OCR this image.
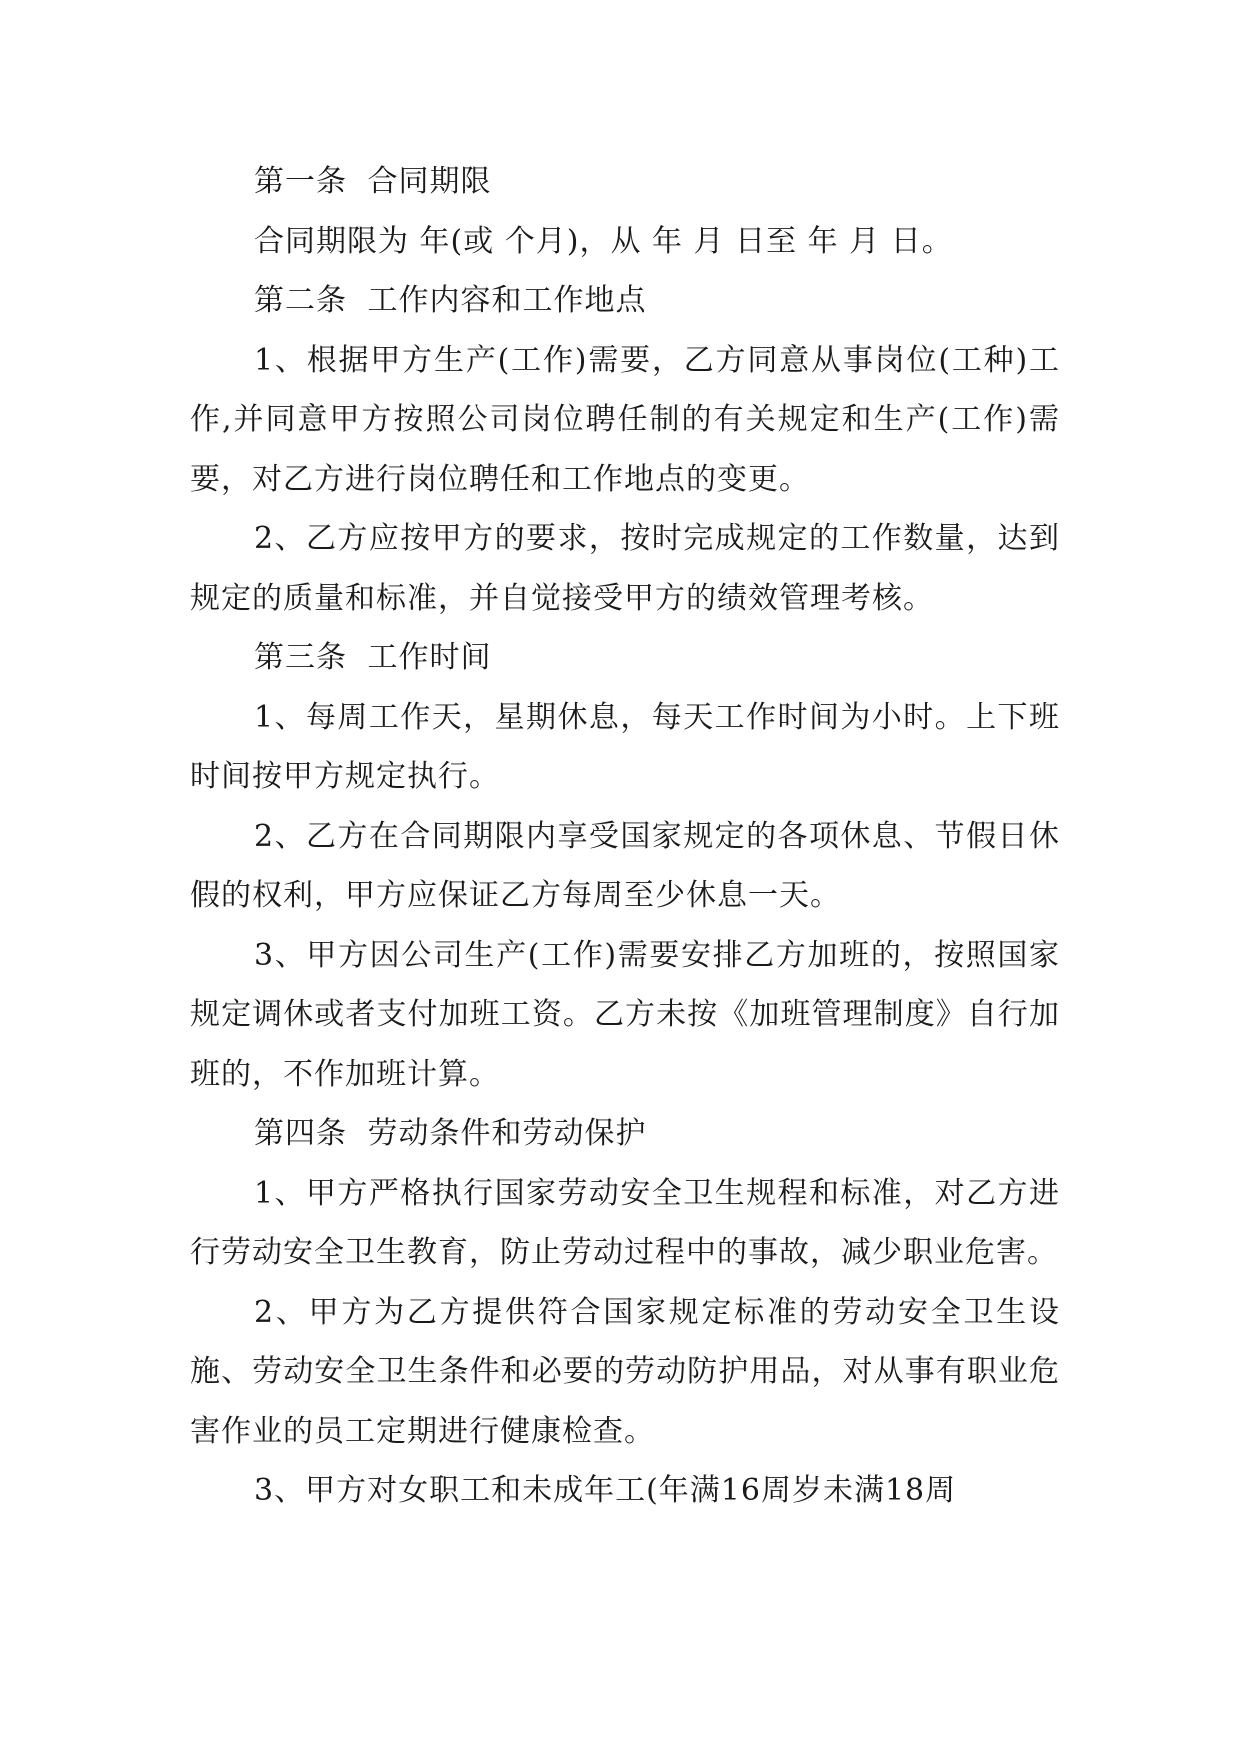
第一条 合同期限

合同期限为 年(或 个月)，从 年 月 日至 年 月 日。

第二条 工作内容和工作地点

1、根据甲方生产(工作)需要，乙方同意从事岗位(工种)工作,并同意甲方按照公司岗位聘任制的有关规定和生产(工作)需要，对乙方进行岗位聘任和工作地点的变更。

2、乙方应按甲方的要求，按时完成规定的工作数量，达到规定的质量和标准，并自觉接受甲方的绩效管理考核。

第三条 工作时间

1、每周工作天，星期休息，每天工作时间为小时。上下班时间按甲方规定执行。

2、乙方在合同期限内享受国家规定的各项休息、节假日休假的权利，甲方应保证乙方每周至少休息一天。

3、甲方因公司生产(工作)需要安排乙方加班的，按照国家规定调休或者支付加班工资。乙方未按《加班管理制度》自行加班的，不作加班计算。

第四条 劳动条件和劳动保护

1、甲方严格执行国家劳动安全卫生规程和标准，对乙方进行劳动安全卫生教育，防止劳动过程中的事故，减少职业危害。

2、甲方为乙方提供符合国家规定标准的劳动安全卫生设施、劳动安全卫生条件和必要的劳动防护用品，对从事有职业危害作业的员工定期进行健康检查。

3、甲方对女职工和未成年工(年满16周岁未满18周
